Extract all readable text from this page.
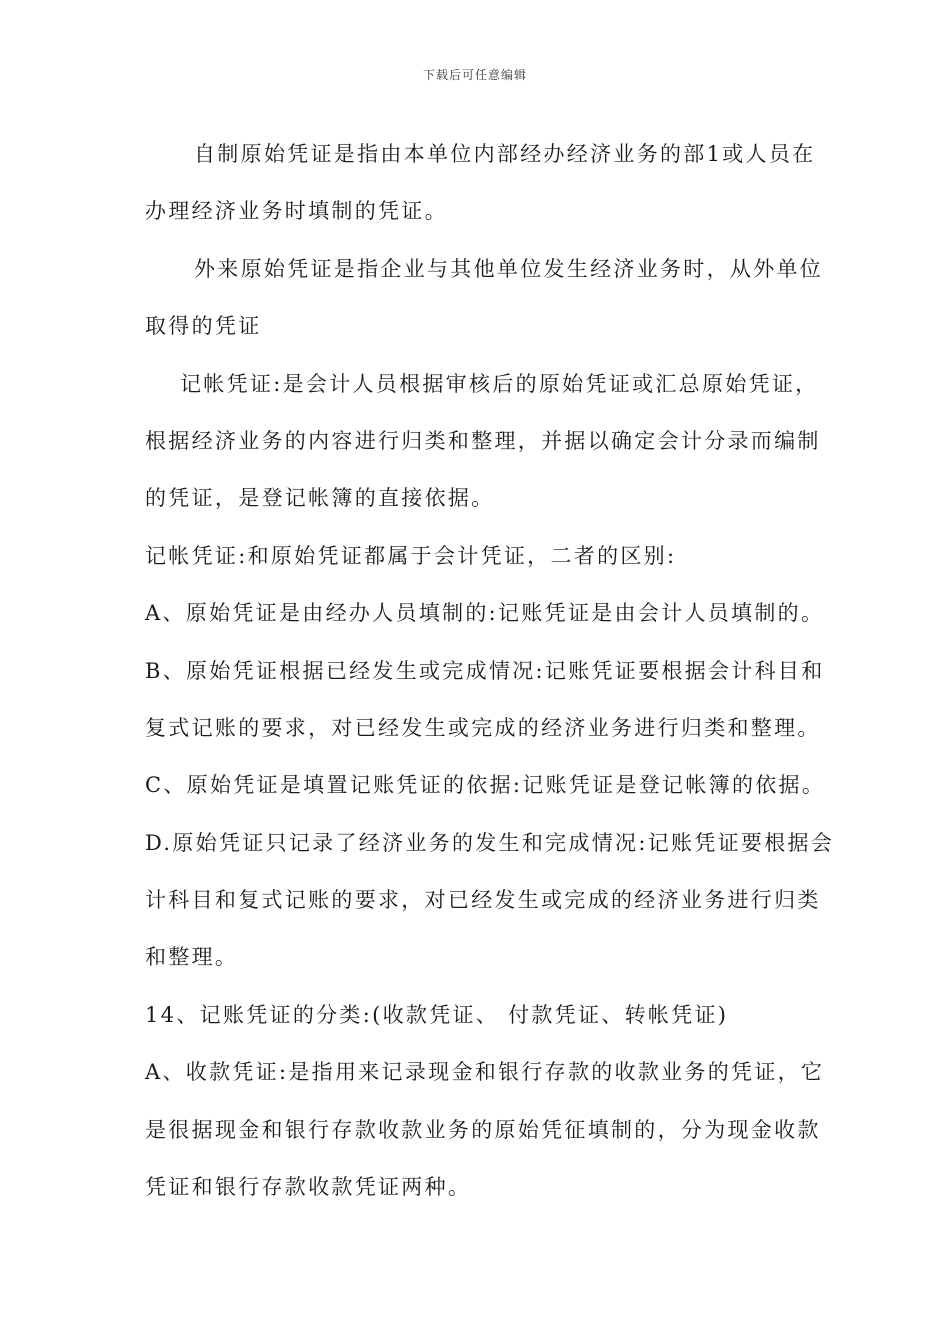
下载后可任意编辑
自制原始凭证是指由本单位内部经办经济业务的部1或人员在
办理经济业务时填制的凭证。
外来原始凭证是指企业与其他单位发生经济业务时，从外单位
取得的凭证
记帐凭证:是会计人员根据审核后的原始凭证或汇总原始凭证，
根据经济业务的内容进行归类和整理，并据以确定会计分录而编制
的凭证，是登记帐簿的直接依据。
记帐凭证:和原始凭证都属于会计凭证，二者的区别:
A、原始凭证是由经办人员填制的:记账凭证是由会计人员填制的。
B、原始凭证根据已经发生或完成情况:记账凭证要根据会计科目和
复式记账的要求，对已经发生或完成的经济业务进行归类和整理。
C、原始凭证是填置记账凭证的依据:记账凭证是登记帐簿的依据。
D.原始凭证只记录了经济业务的发生和完成情况:记账凭证要根据会
计科目和复式记账的要求，对已经发生或完成的经济业务进行归类
和整理。
14、记账凭证的分类:(收款凭证、 付款凭证、转帐凭证)
A、收款凭证:是指用来记录现金和银行存款的收款业务的凭证，它
是很据现金和银行存款收款业务的原始凭征填制的，分为现金收款
凭证和银行存款收款凭证两种。
